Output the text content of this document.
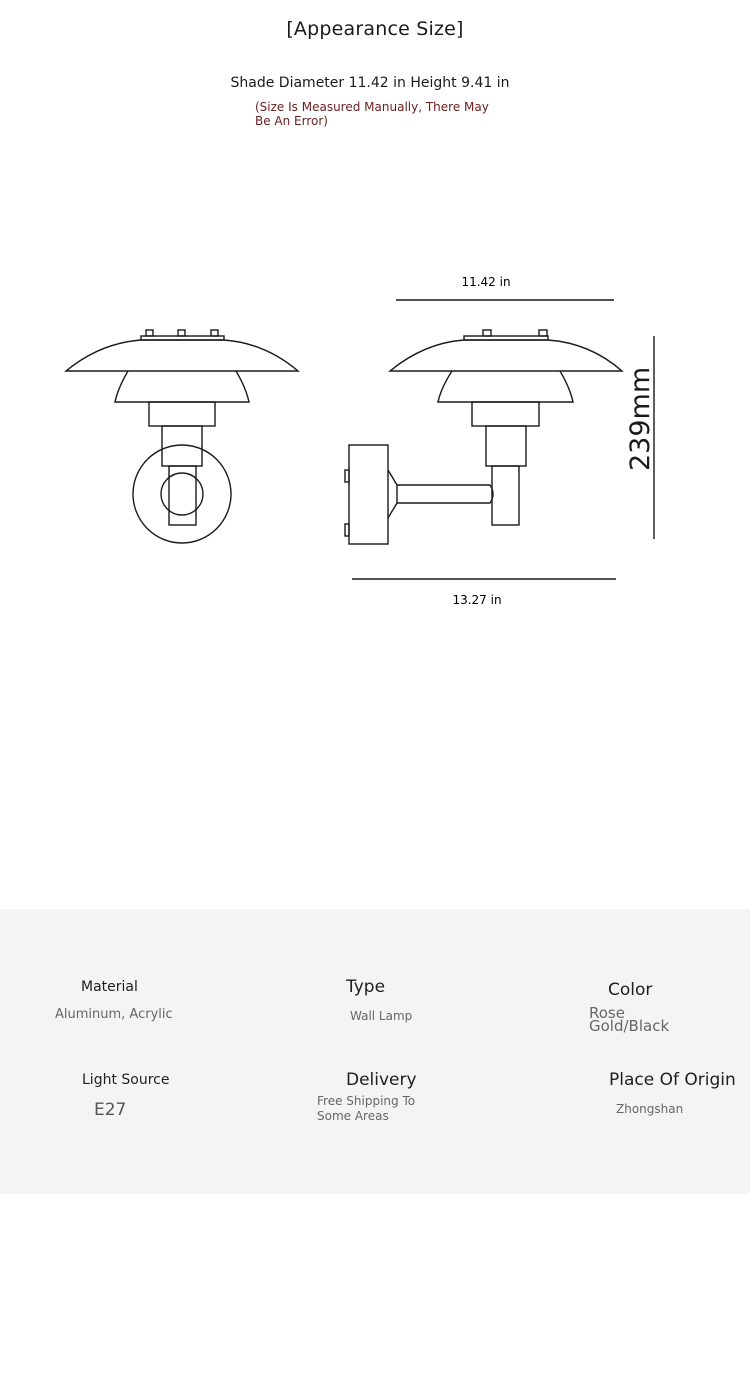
[Appearance Size]
Shade Diameter 11.42 in Height 9.41 in
(Size Is Measured Manually, There May Be An Error)
11.42 in
13.27 in
239mm
Material
Aluminum, Acrylic
Type
Wall Lamp
Color
Rose Gold/Black
Light Source
E27
Delivery
Free Shipping To Some Areas
Place Of Origin
Zhongshan
